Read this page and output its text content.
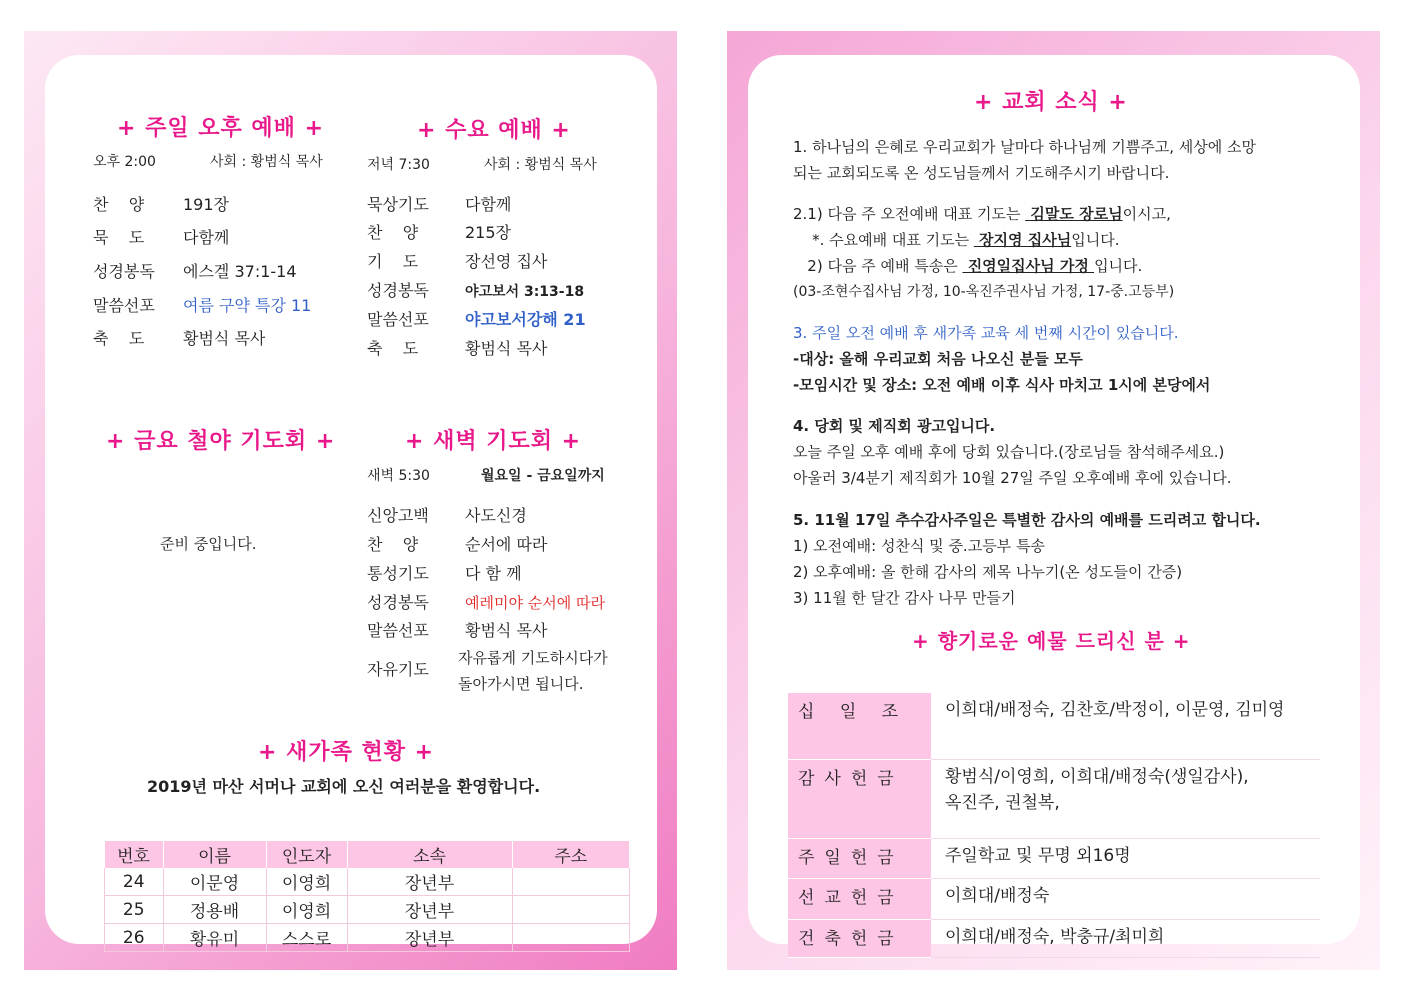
+ 주일 오후 예배 +
오후 2:00	사회 : 황범식 목사
찬    양 191장
묵    도 다함께
성경봉독 에스겔 37:1-14
말씀선포 여름 구약 특강 11
축    도 황범식 목사
+ 수요 예배 +
저녁 7:30	사회 : 황범식 목사
묵상기도 다함께
찬    양	215장
기    도	장선영 집사
성경봉독	야고보서 3:13-18
말씀선포 야고보서강해 21
축    도	황범식 목사
+ 금요 철야 기도회 +
준비 중입니다.
+ 새벽 기도회 +
새벽 5:30	월요일 - 금요일까지
신앙고백 사도신경
찬    양	순서에 따라
통성기도 다 함 께
성경봉독 예레미야 순서에 따라
말씀선포 황범식 목사
자유기도
자유롭게 기도하시다가
돌아가시면 됩니다.
+ 새가족 현황 +
2019년 마산 서머나 교회에 오신 여러분을 환영합니다.
번호	이름	인도자	소속	주소
24	이문영	이영희	장년부	
25	정용배	이영희	장년부	
26	황유미	스스로	장년부	
+ 교회 소식 +
1. 하나님의 은혜로 우리교회가 날마다 하나님께 기쁨주고, 세상에 소망
되는 교회되도록 온 성도님들께서 기도해주시기 바랍니다.
2.1) 다음 주 오전예배 대표 기도는  김말도 장로님이시고,
*. 수요예배 대표 기도는  장지영 집사님입니다.
2) 다음 주 예배 특송은  진영일집사님 가정 입니다.
(03-조현수집사님 가정, 10-옥진주권사님 가정, 17-중.고등부)
3. 주일 오전 예배 후 새가족 교육 세 번째 시간이 있습니다.
-대상: 올해 우리교회 처음 나오신 분들 모두
-모임시간 및 장소: 오전 예배 이후 식사 마치고 1시에 본당에서
4. 당회 및 제직회 광고입니다.
오늘 주일 오후 예배 후에 당회 있습니다.(장로님들 참석해주세요.)
아울러 3/4분기 제직회가 10월 27일 주일 오후예배 후에 있습니다.
5. 11월 17일 추수감사주일은 특별한 감사의 예배를 드리려고 합니다.
1) 오전예배: 성찬식 및 중.고등부 특송
2) 오후예배: 올 한해 감사의 제목 나누기(온 성도들이 간증)
3) 11월 한 달간 감사 나무 만들기
+ 향기로운 예물 드리신 분 +
십 일 조	이희대/배정숙, 김찬호/박정이, 이문영, 김미영

감사헌금	황범식/이영희, 이희대/배정숙(생일감사),
옥진주, 권철복,

주일헌금	주일학교 및 무명 외16명

선교헌금	이희대/배정숙

건축헌금	이희대/배정숙, 박충규/최미희
